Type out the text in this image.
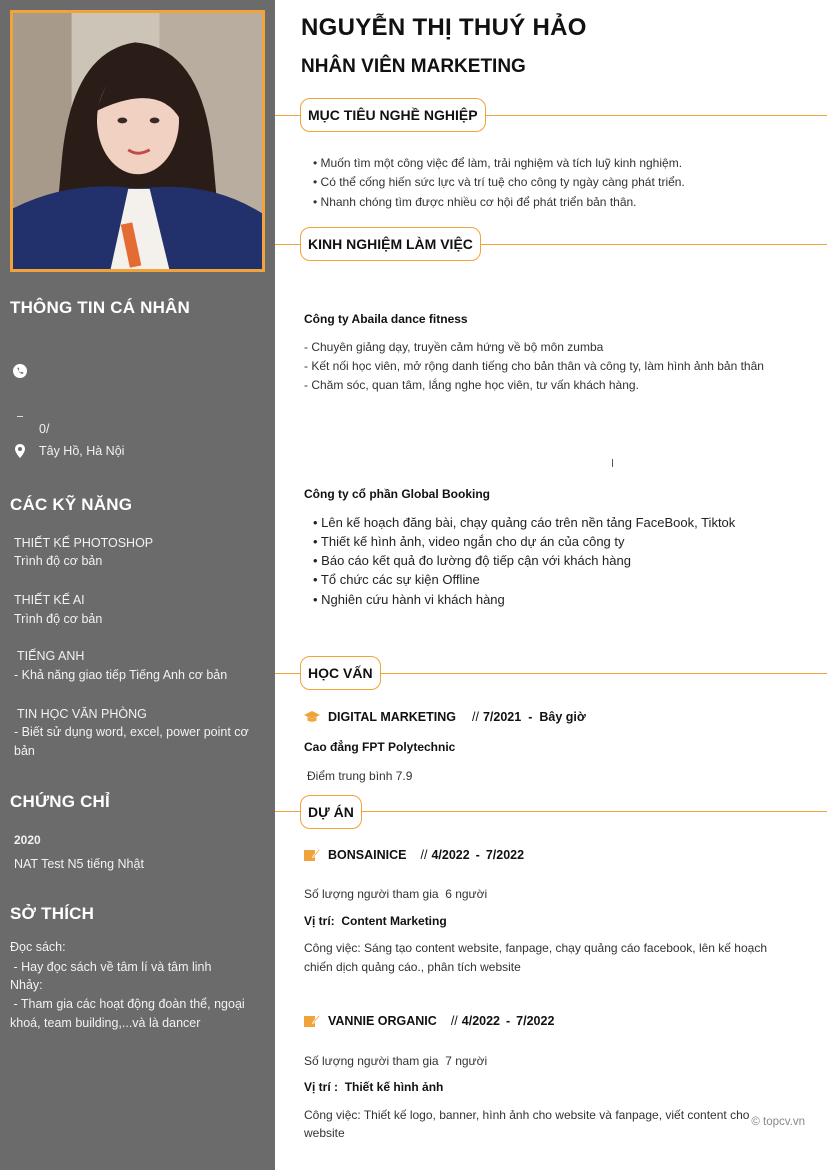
THÔNG TIN CÁ NHÂN
0/
Tây Hồ, Hà Nội
CÁC KỸ NĂNG
THIẾT KẾ PHOTOSHOP
Trình độ cơ bản
THIẾT KẾ AI
Trình độ cơ bản
TIẾNG ANH
- Khả năng giao tiếp Tiếng Anh cơ bản
TIN HỌC VĂN PHÒNG
- Biết sử dụng word, excel, power point cơ bản
CHỨNG CHỈ
2020
NAT Test N5 tiếng Nhật
SỞ THÍCH
Đọc sách:
- Hay đọc sách về tâm lí và tâm linh
Nhảy:
- Tham gia các hoạt động đoàn thể, ngoại khoá, team building,...và là dancer
NGUYỄN THỊ THUÝ HẢO
NHÂN VIÊN MARKETING
MỤC TIÊU NGHỀ NGHIỆP
• Muốn tìm một công việc để làm, trải nghiệm và tích luỹ kinh nghiệm.
• Có thể cống hiến sức lực và trí tuệ cho công ty ngày càng phát triển.
• Nhanh chóng tìm được nhiều cơ hội để phát triển bản thân.
KINH NGHIỆM LÀM VIỆC
Công ty Abaila dance fitness
- Chuyên giảng dạy, truyền cảm hứng về bộ môn zumba
- Kết nối học viên, mở rộng danh tiếng cho bản thân và công ty, làm hình ảnh bản thân
- Chăm sóc, quan tâm, lắng nghe học viên, tư vấn khách hàng.
Công ty cổ phần Global Booking
• Lên kế hoạch đăng bài, chạy quảng cáo trên nền tảng FaceBook, Tiktok
• Thiết kế hình ảnh, video ngắn cho dự án của công ty
• Báo cáo kết quả đo lường độ tiếp cận với khách hàng
• Tổ chức các sự kiện Offline
• Nghiên cứu hành vi khách hàng
HỌC VẤN
DIGITAL MARKETING // 7/2021 - Bây giờ
Cao đẳng FPT Polytechnic
Điểm trung bình 7.9
DỰ ÁN
BONSAINICE // 4/2022 - 7/2022
Số lượng người tham gia  6 người
Vị trí: Content Marketing
Công việc: Sáng tạo content website, fanpage, chạy quảng cáo facebook, lên kế hoạch
chiến dịch quảng cáo., phân tích website
VANNIE ORGANIC // 4/2022 - 7/2022
Số lượng người tham gia  7 người
Vị trí : Thiết kế hình ảnh
Công việc: Thiết kế logo, banner, hình ảnh cho website và fanpage, viết content cho
website
© topcv.vn
